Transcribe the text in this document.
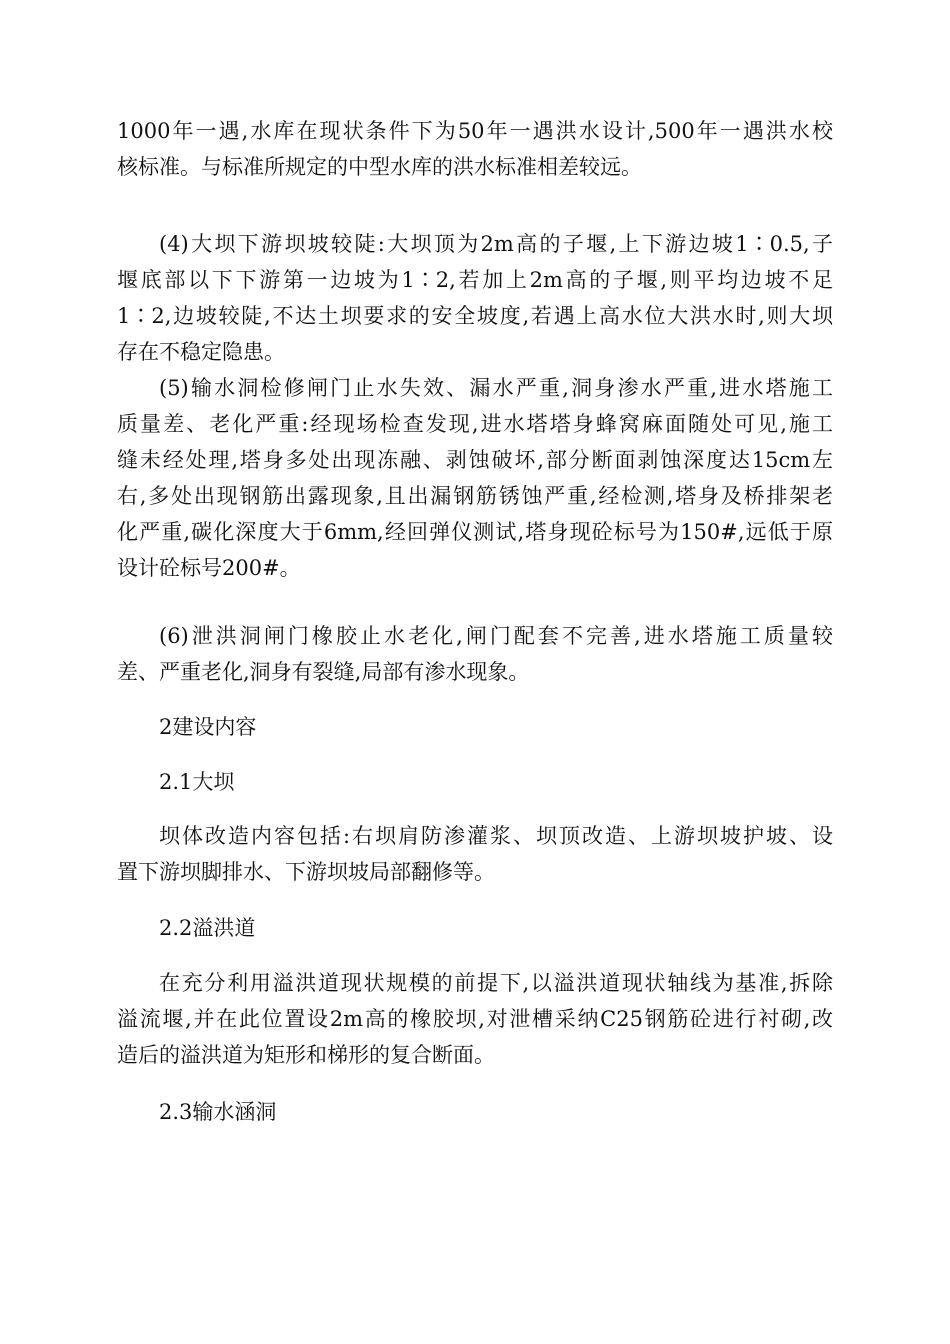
1000年一遇,水库在现状条件下为50年一遇洪水设计,500年一遇洪水校
核标准。与标准所规定的中型水库的洪水标准相差较远。
(4)大坝下游坝坡较陡:大坝顶为2m高的子堰,上下游边坡1∶0.5,子
堰底部以下下游第一边坡为1∶2,若加上2m高的子堰,则平均边坡不足
1∶2,边坡较陡,不达土坝要求的安全坡度,若遇上高水位大洪水时,则大坝
存在不稳定隐患。
(5)输水洞检修闸门止水失效、漏水严重,洞身渗水严重,进水塔施工
质量差、老化严重:经现场检查发现,进水塔塔身蜂窝麻面随处可见,施工
缝未经处理,塔身多处出现冻融、剥蚀破坏,部分断面剥蚀深度达15cm左
右,多处出现钢筋出露现象,且出漏钢筋锈蚀严重,经检测,塔身及桥排架老
化严重,碳化深度大于6mm,经回弹仪测试,塔身现砼标号为150#,远低于原
设计砼标号200#。
(6)泄洪洞闸门橡胶止水老化,闸门配套不完善,进水塔施工质量较
差、严重老化,洞身有裂缝,局部有渗水现象。
2建设内容
2.1大坝
坝体改造内容包括:右坝肩防渗灌浆、坝顶改造、上游坝坡护坡、设
置下游坝脚排水、下游坝坡局部翻修等。
2.2溢洪道
在充分利用溢洪道现状规模的前提下,以溢洪道现状轴线为基准,拆除
溢流堰,并在此位置设2m高的橡胶坝,对泄槽采纳C25钢筋砼进行衬砌,改
造后的溢洪道为矩形和梯形的复合断面。
2.3输水涵洞
